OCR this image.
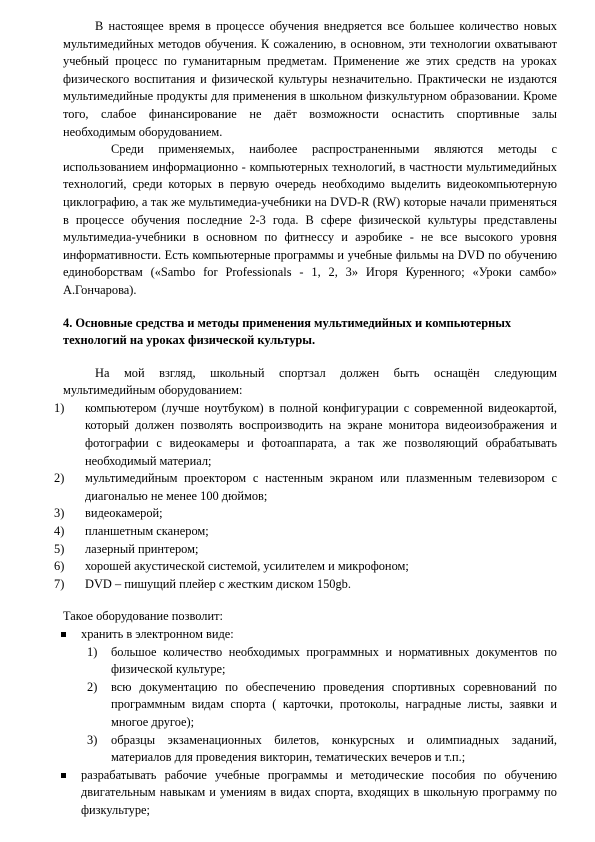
В настоящее время в процессе обучения внедряется все большее количество новых мультимедийных методов обучения. К сожалению, в основном, эти технологии охватывают учебный процесс по гуманитарным предметам. Применение же этих средств на уроках физического воспитания и физической культуры незначительно. Практически не издаются мультимедийные продукты для применения в школьном физкультурном образовании. Кроме того, слабое финансирование не даёт возможности оснастить спортивные залы необходимым оборудованием.

Среди применяемых, наиболее распространенными являются методы с использованием информационно - компьютерных технологий, в частности мультимедийных технологий, среди которых в первую очередь необходимо выделить видеокомпьютерную циклографию, а так же мультимедиа-учебники на DVD-R (RW) которые начали применяться в процессе обучения последние 2-3 года. В сфере физической культуры представлены мультимедиа-учебники в основном по фитнессу и аэробике - не все высокого уровня информативности. Есть компьютерные программы и учебные фильмы на DVD по обучению единоборствам («Sambo for Professionals - 1, 2, 3» Игоря Куренного; «Уроки самбо» А.Гончарова).

4. Основные средства и методы применения мультимедийных и компьютерных
технологий на уроках физической культуры.

На мой взгляд, школьный спортзал должен быть оснащён следующим мультимедийным оборудованием:

1) компьютером (лучше ноутбуком) в полной конфигурации с современной видеокартой, который должен позволять воспроизводить на экране монитора видеоизображения и фотографии с видеокамеры и фотоаппарата, а так же позволяющий обрабатывать необходимый материал;
2) мультимедийным проектором с настенным экраном или плазменным телевизором с диагональю не менее 100 дюймов;
3) видеокамерой;
4) планшетным сканером;
5) лазерный принтером;
6) хорошей акустической системой, усилителем и микрофоном;
7) DVD – пишущий плейер с жестким диском 150gb.

Такое оборудование позволит:

хранить в электронном виде:
1) большое количество необходимых программных и нормативных документов по физической культуре;
2) всю документацию по обеспечению проведения спортивных соревнований по программным видам спорта ( карточки, протоколы, наградные листы, заявки и многое другое);
3) образцы экзаменационных билетов, конкурсных и олимпиадных заданий, материалов для проведения викторин, тематических вечеров и т.п.;
разрабатывать рабочие учебные программы и методические пособия по обучению двигательным навыкам и умениям в видах спорта, входящих в школьную программу по физкультуре;
